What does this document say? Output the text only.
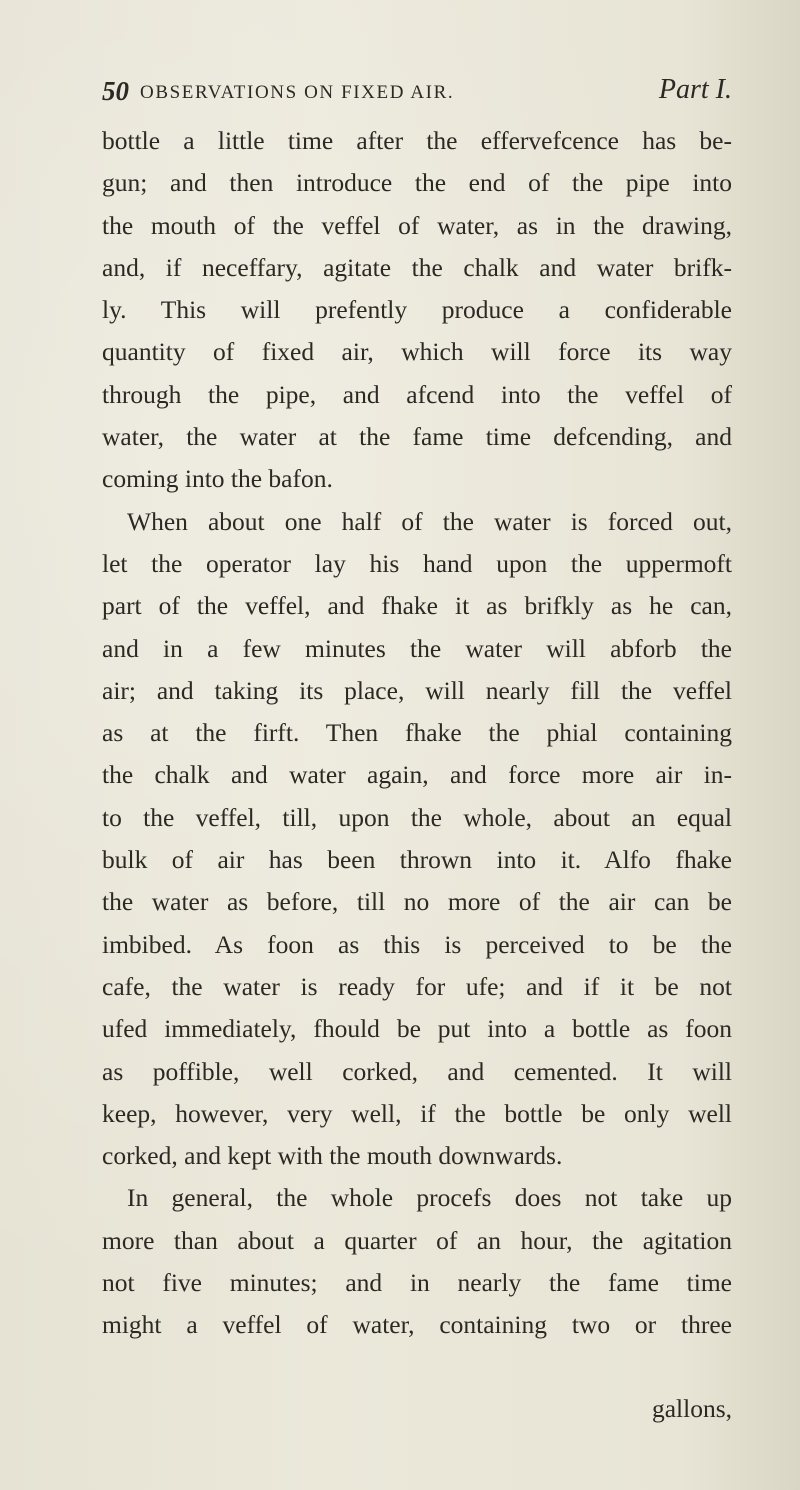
50 OBSERVATIONS ON FIXED AIR.	Part I.
bottle a little time after the effervefcence has be-
gun; and then introduce the end of the pipe into
the mouth of the veffel of water, as in the drawing,
and, if neceffary, agitate the chalk and water brifk-
ly. This will prefently produce a confiderable
quantity of fixed air, which will force its way
through the pipe, and afcend into the veffel of
water, the water at the fame time defcending, and
coming into the bafon.
When about one half of the water is forced out,
let the operator lay his hand upon the uppermoft
part of the veffel, and fhake it as brifkly as he can,
and in a few minutes the water will abforb the
air; and taking its place, will nearly fill the veffel
as at the firft. Then fhake the phial containing
the chalk and water again, and force more air in-
to the veffel, till, upon the whole, about an equal
bulk of air has been thrown into it. Alfo fhake
the water as before, till no more of the air can be
imbibed. As foon as this is perceived to be the
cafe, the water is ready for ufe; and if it be not
ufed immediately, fhould be put into a bottle as foon
as poffible, well corked, and cemented. It will
keep, however, very well, if the bottle be only well
corked, and kept with the mouth downwards.
In general, the whole procefs does not take up
more than about a quarter of an hour, the agitation
not five minutes; and in nearly the fame time
might a veffel of water, containing two or three
gallons,
